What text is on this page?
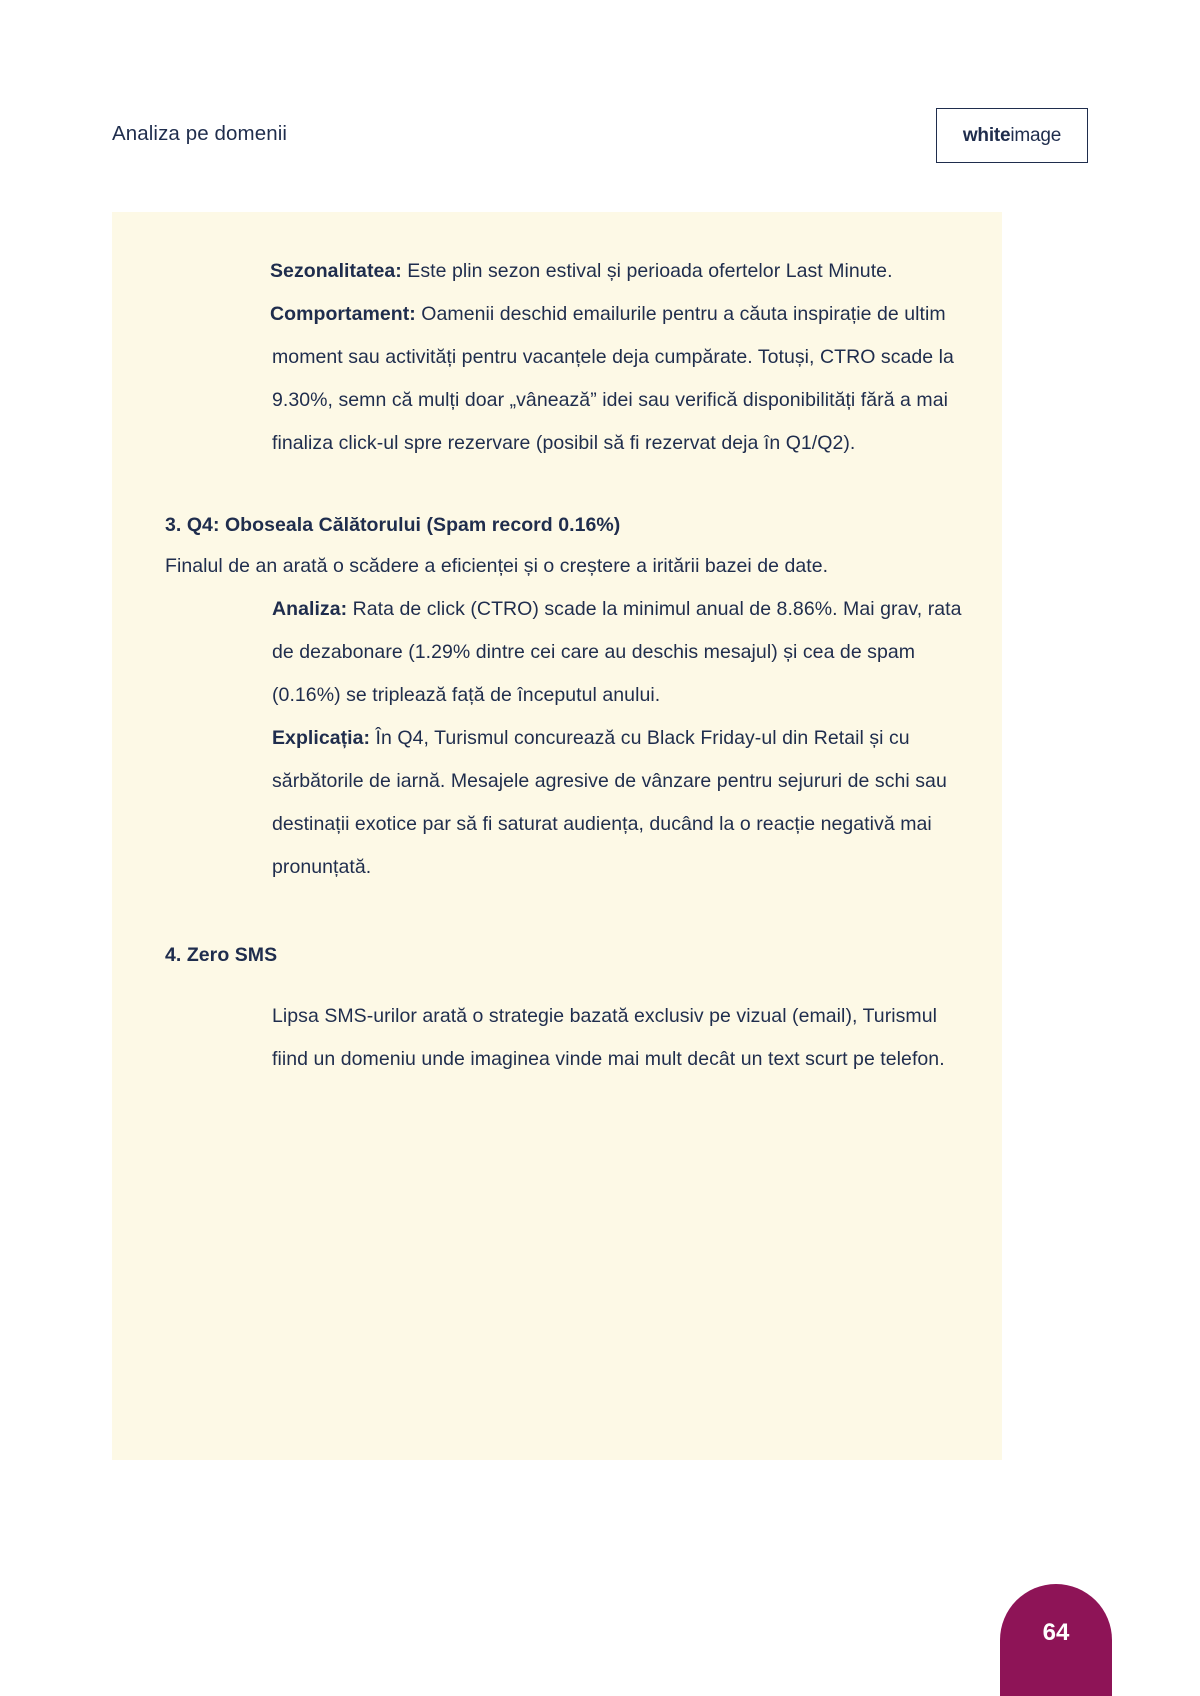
Analiza pe domenii	whiteimage

Sezonalitatea: Este plin sezon estival și perioada ofertelor Last Minute.

Comportament: Oamenii deschid emailurile pentru a căuta inspirație de ultim moment sau activități pentru vacanțele deja cumpărate. Totuși, CTRO scade la 9.30%, semn că mulți doar „vânează” idei sau verifică disponibilități fără a mai finaliza click-ul spre rezervare (posibil să fi rezervat deja în Q1/Q2).

3. Q4: Oboseala Călătorului (Spam record 0.16%)

Finalul de an arată o scădere a eficienței și o creștere a iritării bazei de date.

Analiza: Rata de click (CTRO) scade la minimul anual de 8.86%. Mai grav, rata de dezabonare (1.29% dintre cei care au deschis mesajul) și cea de spam (0.16%) se triplează față de începutul anului.

Explicația: În Q4, Turismul concurează cu Black Friday-ul din Retail și cu sărbătorile de iarnă. Mesajele agresive de vânzare pentru sejururi de schi sau destinații exotice par să fi saturat audiența, ducând la o reacție negativă mai pronunțată.

4. Zero SMS

Lipsa SMS-urilor arată o strategie bazată exclusiv pe vizual (email), Turismul fiind un domeniu unde imaginea vinde mai mult decât un text scurt pe telefon.

64
